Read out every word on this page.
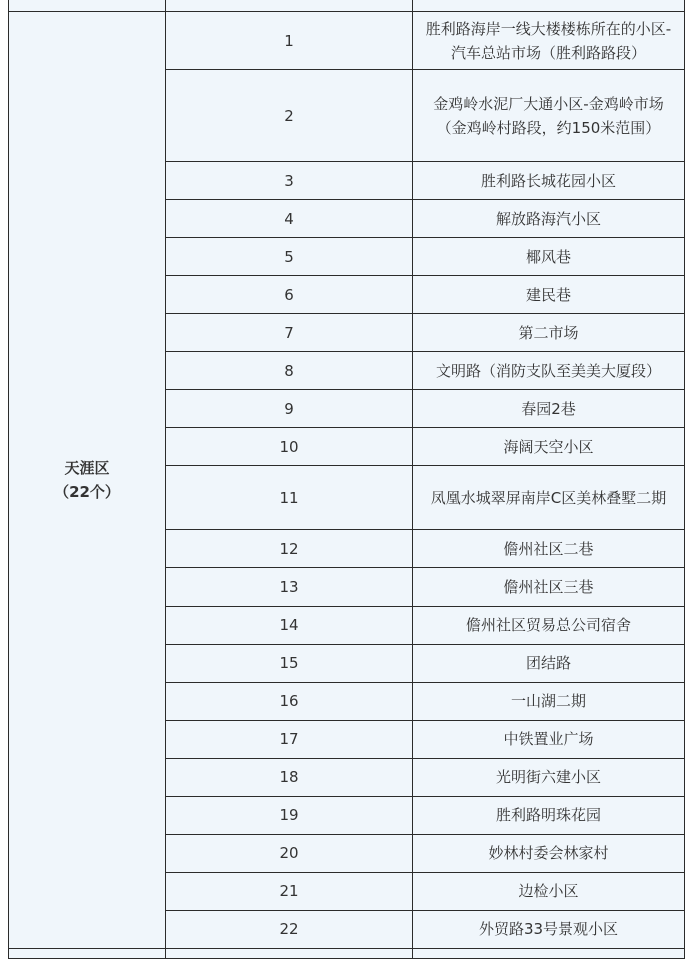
天涯区
（22个）	1	胜利路海岸一线大楼楼栋所在的小区-汽车总站市场（胜利路路段）
	2	金鸡岭水泥厂大通小区-金鸡岭市场（金鸡岭村路段，约150米范围）
	3	胜利路长城花园小区
	4	解放路海汽小区
	5	椰风巷
	6	建民巷
	7	第二市场
	8	文明路（消防支队至美美大厦段）
	9	春园2巷
	10	海阔天空小区
	11	凤凰水城翠屏南岸C区美林叠墅二期
	12	儋州社区二巷
	13	儋州社区三巷
	14	儋州社区贸易总公司宿舍
	15	团结路
	16	一山湖二期
	17	中铁置业广场
	18	光明街六建小区
	19	胜利路明珠花园
	20	妙林村委会林家村
	21	边检小区
	22	外贸路33号景观小区
